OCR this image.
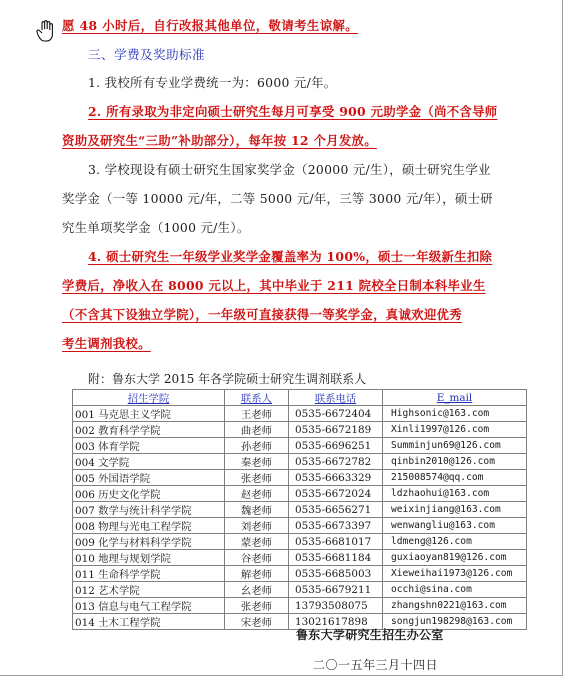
愿 48 小时后，自行改报其他单位，敬请考生谅解。
三、学费及奖助标准
1. 我校所有专业学费统一为：6000 元/年。
2. 所有录取为非定向硕士研究生每月可享受 900 元助学金（尚不含导师
资助及研究生“三助”补助部分），每年按 12 个月发放。
3. 学校现设有硕士研究生国家奖学金（20000 元/生），硕士研究生学业
奖学金（一等 10000 元/年，二等 5000 元/年，三等 3000 元/年），硕士研
究生单项奖学金（1000 元/生）。
4. 硕士研究生一年级学业奖学金覆盖率为 100%，硕士一年级新生扣除
学费后，净收入在 8000 元以上，其中毕业于 211 院校全日制本科毕业生
（不含其下设独立学院），一年级可直接获得一等奖学金，真诚欢迎优秀
考生调剂我校。
附：鲁东大学 2015 年各学院硕士研究生调剂联系人
招生学院	联系人	联系电话	E_mail
001 马克思主义学院	王老师	0535-6672404	Highsonic@163.com
002 教育科学学院	曲老师	0535-6672189	Xinli1997@126.com
003 体育学院	孙老师	0535-6696251	Summinjun69@126.com
004 文学院	秦老师	0535-6672782	qinbin2010@126.com
005 外国语学院	张老师	0535-6663329	215008574@qq.com
006 历史文化学院	赵老师	0535-6672024	ldzhaohui@163.com
007 数学与统计科学学院	魏老师	0535-6656271	weixinjiang@163.com
008 物理与光电工程学院	刘老师	0535-6673397	wenwangliu@163.com
009 化学与材料科学学院	蒙老师	0535-6681017	ldmeng@126.com
010 地理与规划学院	谷老师	0535-6681184	guxiaoyan819@126.com
011 生命科学学院	解老师	0535-6685003	Xieweihai1973@126.com
012 艺术学院	幺老师	0535-6679211	occhi@sina.com
013 信息与电气工程学院	张老师	13793508075	zhangshn0221@163.com
014 土木工程学院	宋老师	13021617898	songjun198298@163.com
鲁东大学研究生招生办公室
二〇一五年三月十四日
